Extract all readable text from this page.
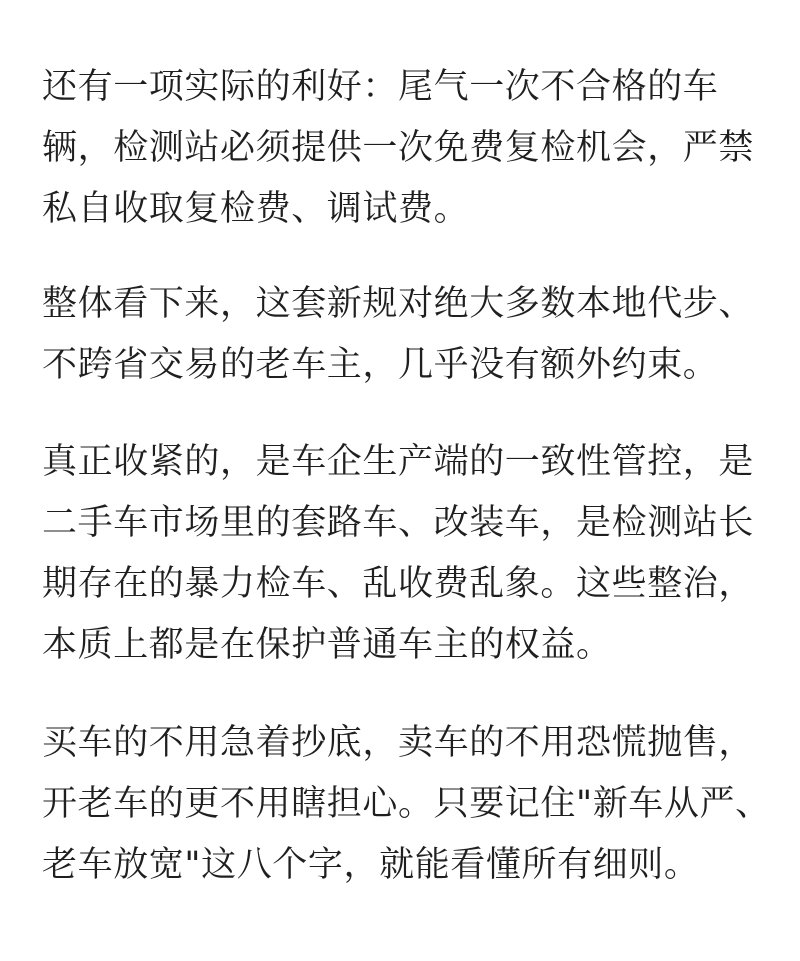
还有一项实际的利好：尾气一次不合格的车
辆，检测站必须提供一次免费复检机会，严禁
私自收取复检费、调试费。
整体看下来，这套新规对绝大多数本地代步、
不跨省交易的老车主，几乎没有额外约束。
真正收紧的，是车企生产端的一致性管控，是
二手车市场里的套路车、改装车，是检测站长
期存在的暴力检车、乱收费乱象。这些整治，
本质上都是在保护普通车主的权益。
买车的不用急着抄底，卖车的不用恐慌抛售，
开老车的更不用瞎担心。只要记住"新车从严、
老车放宽"这八个字，就能看懂所有细则。
